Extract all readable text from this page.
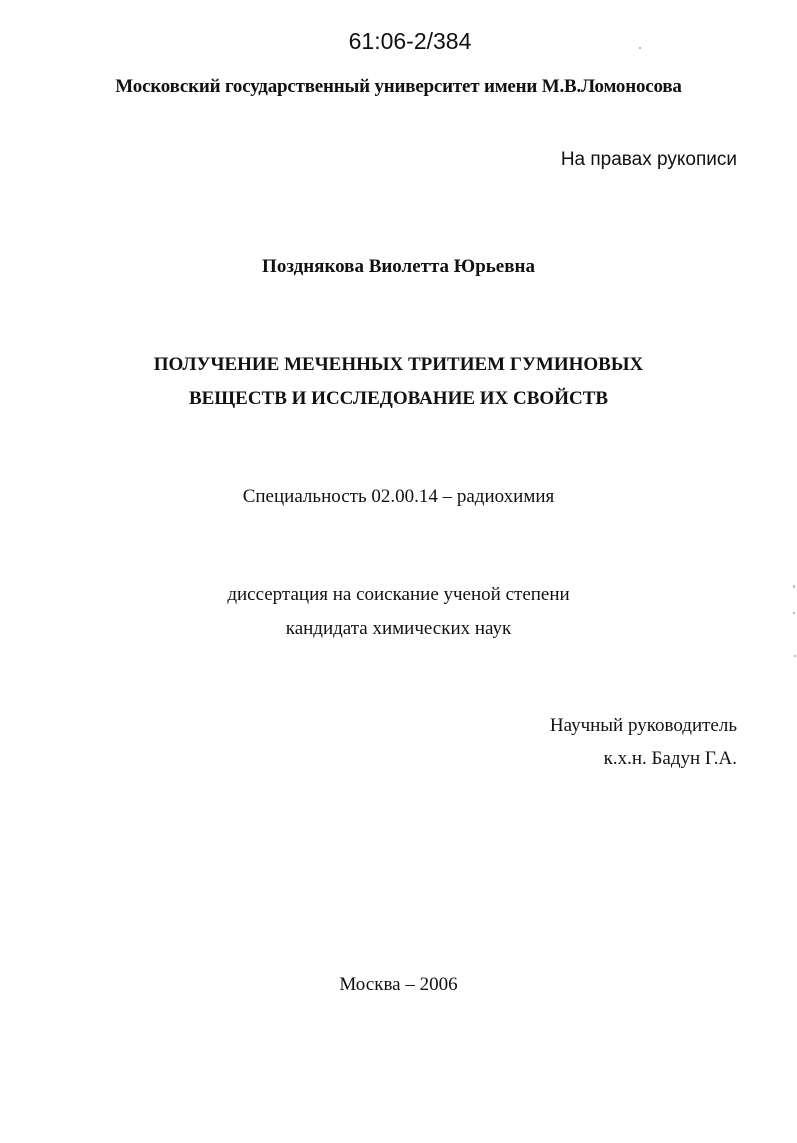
61:06-2/384

Московский государственный университет имени М.В.Ломоносова

На правах рукописи

Позднякова Виолетта Юрьевна

ПОЛУЧЕНИЕ МЕЧЕННЫХ ТРИТИЕМ ГУМИНОВЫХ

ВЕЩЕСТВ И ИССЛЕДОВАНИЕ ИХ СВОЙСТВ

Специальность 02.00.14 – радиохимия

диссертация на соискание ученой степени

кандидата химических наук

Научный руководитель

к.х.н. Бадун Г.А.

Москва – 2006
